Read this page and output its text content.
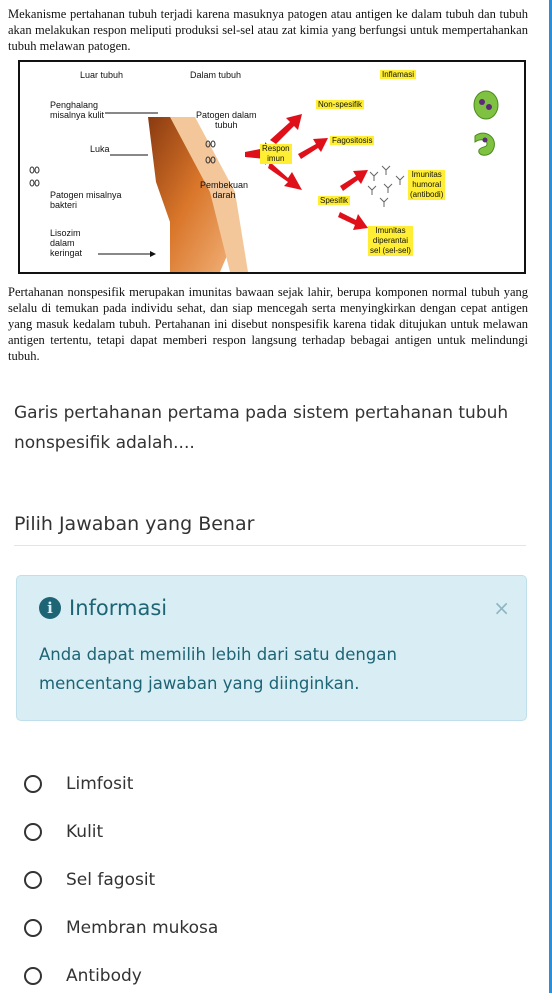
Mekanisme pertahanan tubuh terjadi karena masuknya patogen atau antigen ke dalam tubuh dan tubuh akan melakukan respon meliputi produksi sel-sel atau zat kimia yang berfungsi untuk mempertahankan tubuh melawan patogen.
Luar tubuh	Dalam tubuh
Penghalang
misalnya kulit
Luka
Patogen misalnya
bakteri
Lisozim
dalam
keringat
Patogen dalam
tubuh
Pembekuan
darah
Respon
imun
Inflamasi
Non-spesifik
Fagositosis
Spesifik
Imunitas
humoral
(antibodi)
Imunitas
diperantai
sel (sel-sel)
Pertahanan nonspesifik merupakan imunitas bawaan sejak lahir, berupa komponen normal tubuh yang selalu di temukan pada individu sehat, dan siap mencegah serta menyingkirkan dengan cepat antigen yang masuk kedalam tubuh. Pertahanan ini disebut nonspesifik karena tidak ditujukan untuk melawan antigen tertentu, tetapi dapat memberi respon langsung terhadap bebagai antigen untuk melindungi tubuh.
Garis pertahanan pertama pada sistem pertahanan tubuh nonspesifik adalah....
Pilih Jawaban yang Benar
i Informasi	×
Anda dapat memilih lebih dari satu dengan mencentang jawaban yang diinginkan.
Limfosit
Kulit
Sel fagosit
Membran mukosa
Antibody
